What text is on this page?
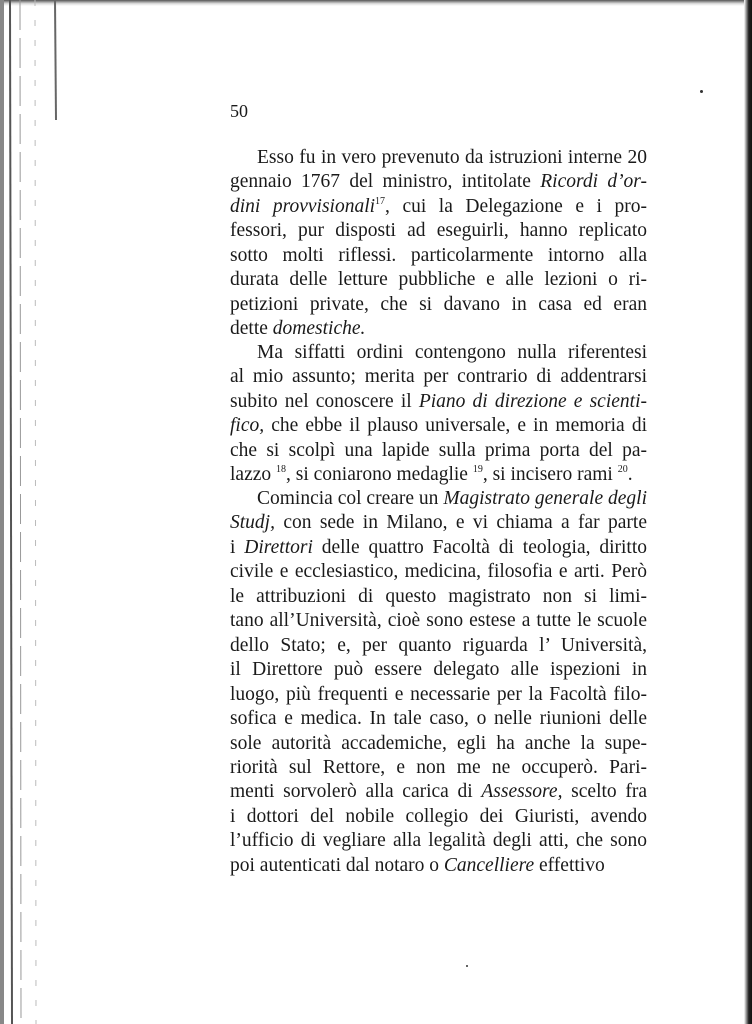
50
Esso fu in vero prevenuto da istruzioni interne 20
gennaio 1767 del ministro, intitolate Ricordi d’or-
dini provvisionali$^{17}$, cui la Delegazione e i pro-
fessori, pur disposti ad eseguirli, hanno replicato
sotto molti riflessi. particolarmente intorno alla
durata delle letture pubbliche e alle lezioni o ri-
petizioni private, che si davano in casa ed eran
dette domestiche.
Ma siffatti ordini contengono nulla riferentesi
al mio assunto; merita per contrario di addentrarsi
subito nel conoscere il Piano di direzione e scienti-
fico, che ebbe il plauso universale, e in memoria di
che si scolpì una lapide sulla prima porta del pa-
lazzo $^{18}$, si coniarono medaglie $^{19}$, si incisero rami $^{20}$.
Comincia col creare un Magistrato generale degli
Studj, con sede in Milano, e vi chiama a far parte
i Direttori delle quattro Facoltà di teologia, diritto
civile e ecclesiastico, medicina, filosofia e arti. Però
le attribuzioni di questo magistrato non si limi-
tano all’Università, cioè sono estese a tutte le scuole
dello Stato; e, per quanto riguarda l’ Università,
il Direttore può essere delegato alle ispezioni in
luogo, più frequenti e necessarie per la Facoltà filo-
sofica e medica. In tale caso, o nelle riunioni delle
sole autorità accademiche, egli ha anche la supe-
riorità sul Rettore, e non me ne occuperò. Pari-
menti sorvolerò alla carica di Assessore, scelto fra
i dottori del nobile collegio dei Giuristi, avendo
l’ufficio di vegliare alla legalità degli atti, che sono
poi autenticati dal notaro o Cancelliere effettivo
